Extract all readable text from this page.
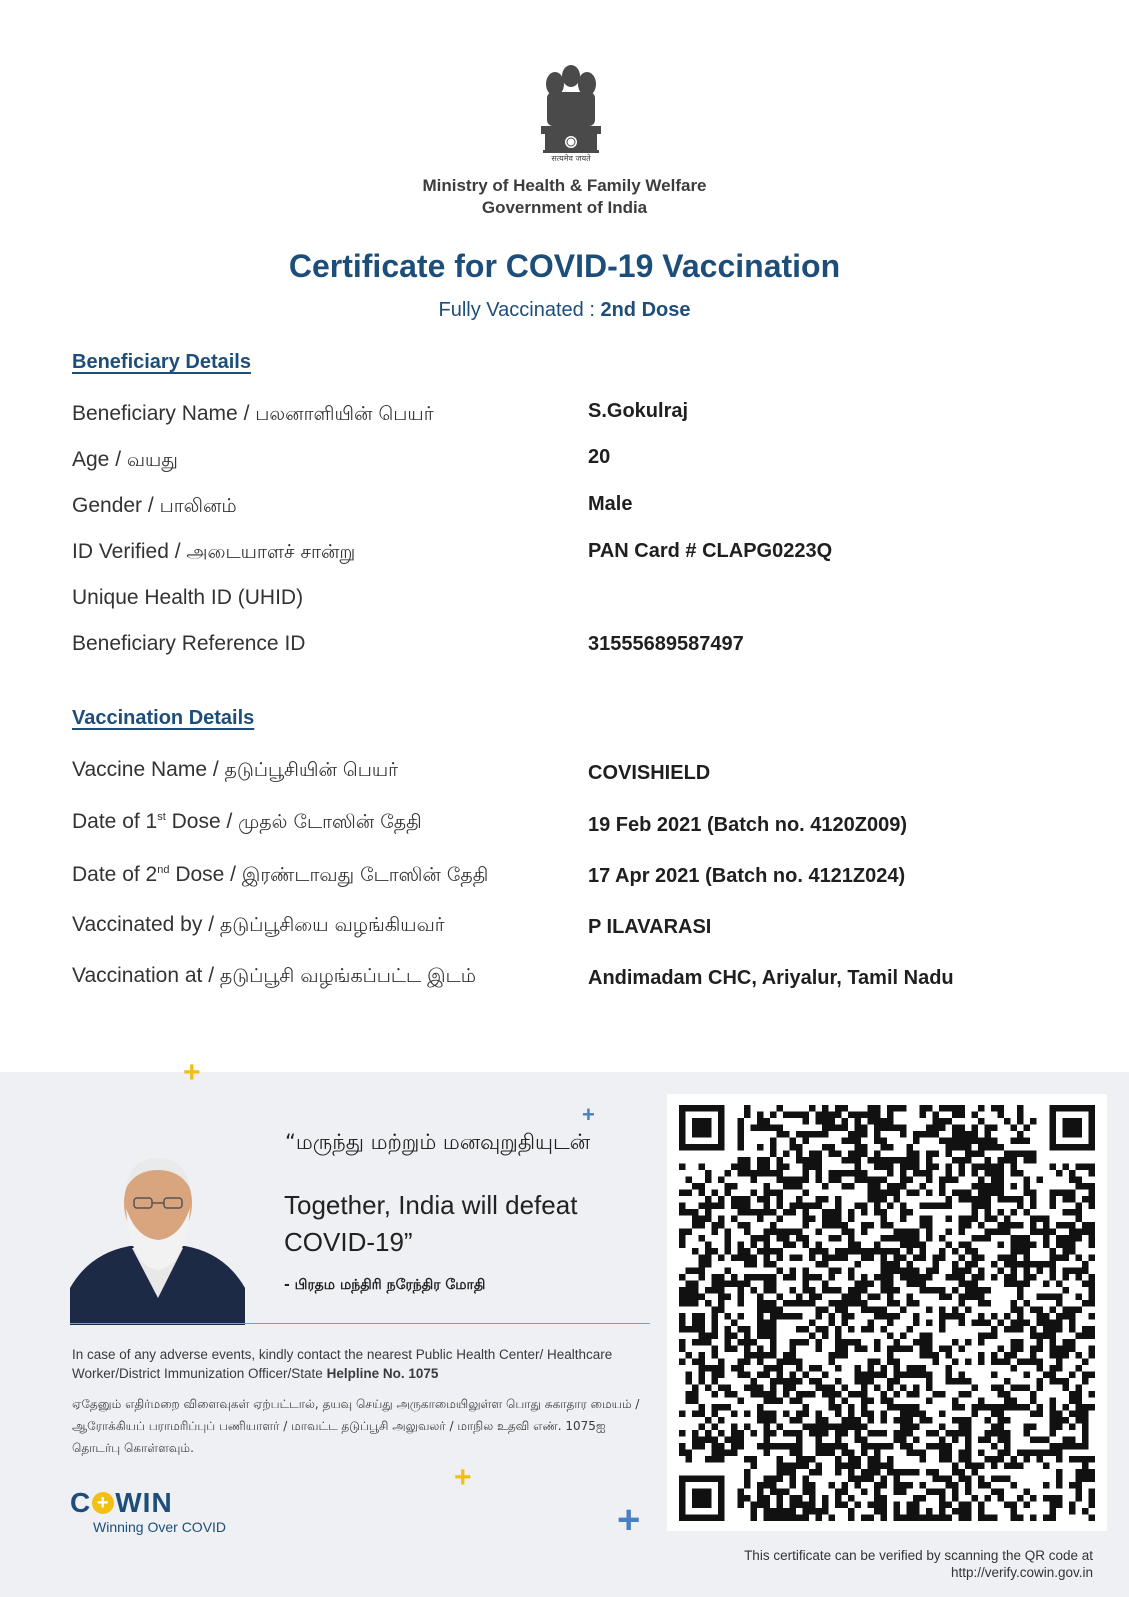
सत्यमेव जयते
Ministry of Health & Family Welfare
Government of India
Certificate for COVID-19 Vaccination
Fully Vaccinated : 2nd Dose
Beneficiary Details
Beneficiary Name / பலனாளியின் பெயர்	S.Gokulraj
Age / வயது	20
Gender / பாலினம்	Male
ID Verified / அடையாளச் சான்று	PAN Card # CLAPG0223Q
Unique Health ID (UHID)
Beneficiary Reference ID	31555689587497
Vaccination Details
Vaccine Name / தடுப்பூசியின் பெயர்	COVISHIELD
Date of 1st Dose / முதல் டோஸின் தேதி	19 Feb 2021 (Batch no. 4120Z009)
Date of 2nd Dose / இரண்டாவது டோஸின் தேதி	17 Apr 2021 (Batch no. 4121Z024)
Vaccinated by / தடுப்பூசியை வழங்கியவர்	P ILAVARASI
Vaccination at / தடுப்பூசி வழங்கப்பட்ட இடம்	Andimadam CHC, Ariyalur, Tamil Nadu
+
+
+
+
“மருந்து மற்றும் மனவுறுதியுடன்
Together, India will defeat COVID-19”
- பிரதம மந்திரி நரேந்திர மோதி
In case of any adverse events, kindly contact the nearest Public Health Center/ Healthcare Worker/District Immunization Officer/State Helpline No. 1075
ஏதேனும் எதிர்மறை விளைவுகள் ஏற்பட்டால், தயவு செய்து அருகாமையிலுள்ள பொது சுகாதார மையம் / ஆரோக்கியப் பராமரிப்புப் பணியாளர் / மாவட்ட தடுப்பூசி அலுவலர் / மாநில உதவி எண். 1075ஐ தொடர்பு கொள்ளவும்.
C + WIN
Winning Over COVID
This certificate can be verified by scanning the QR code at
http://verify.cowin.gov.in
